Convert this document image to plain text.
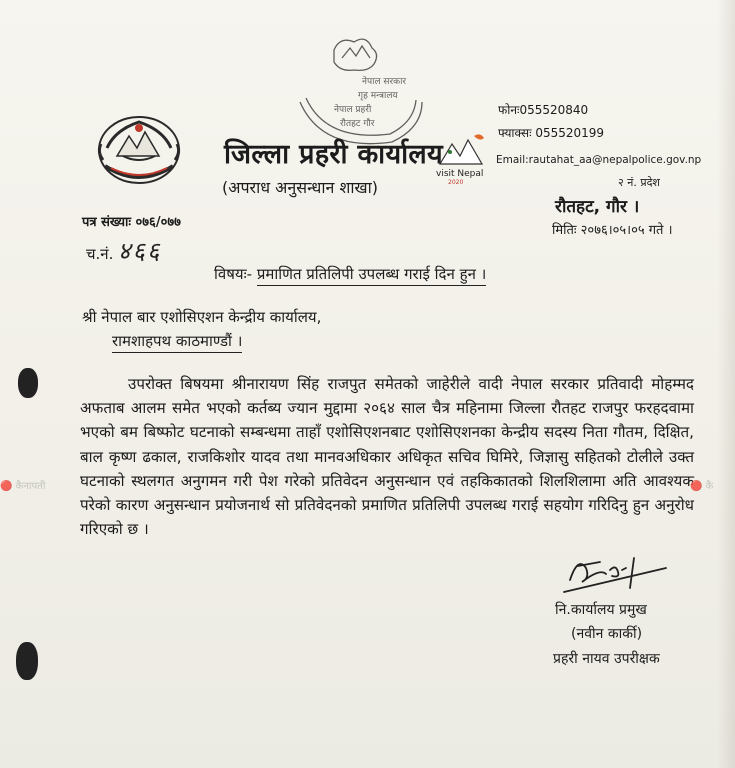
नेपाल सरकार
गृह मन्त्रालय
नेपाल प्रहरी
रौतहट गौर
visit Nepal
2020
जिल्ला प्रहरी कार्यालय
(अपराध अनुसन्धान शाखा)
फोनः055520840
फ्याक्सः 055520199
Email:rautahat_aa@nepalpolice.gov.np
२ नं. प्रदेश
रौतहट, गौर ।
मितिः २०७६।०५।०५ गते ।
पत्र संख्याः ०७६/०७७
च.नं. ४६६
विषयः- प्रमाणित प्रतिलिपी उपलब्ध गराई दिन हुन ।
श्री नेपाल बार एशोसिएशन केन्द्रीय कार्यालय,
रामशाहपथ काठमाण्डौं ।
उपरोक्त बिषयमा श्रीनारायण सिंह राजपुत समेतको जाहेरीले वादी नेपाल सरकार प्रतिवादी मोहम्मद अफताब आलम समेत भएको कर्तब्य ज्यान मुद्दामा २०६४ साल चैत्र महिनामा जिल्ला रौतहट राजपुर फरहदवामा भएको बम बिष्फोट घटनाको सम्बन्धमा ताहाँ एशोसिएशनबाट एशोसिएशनका केन्द्रीय सदस्य निता गौतम, दिक्षित, बाल कृष्ण ढकाल, राजकिशोर यादव तथा मानवअधिकार अधिकृत सचिव घिमिरे, जिज्ञासु सहितको टोलीले उक्त घटनाको स्थलगत अनुगमन गरी पेश गरेको प्रतिवेदन अनुसन्धान एवं तहकिकातको शिलशिलामा अति आवश्यक परेको कारण अनुसन्धान प्रयोजनार्थ सो प्रतिवेदनको प्रमाणित प्रतिलिपी उपलब्ध गराई सहयोग गरिदिनु हुन अनुरोध गरिएको छ ।
नि.कार्यालय प्रमुख
(नवीन कार्की)
प्रहरी नायव उपरीक्षक
🔴 कैनापती	🔴 कै
